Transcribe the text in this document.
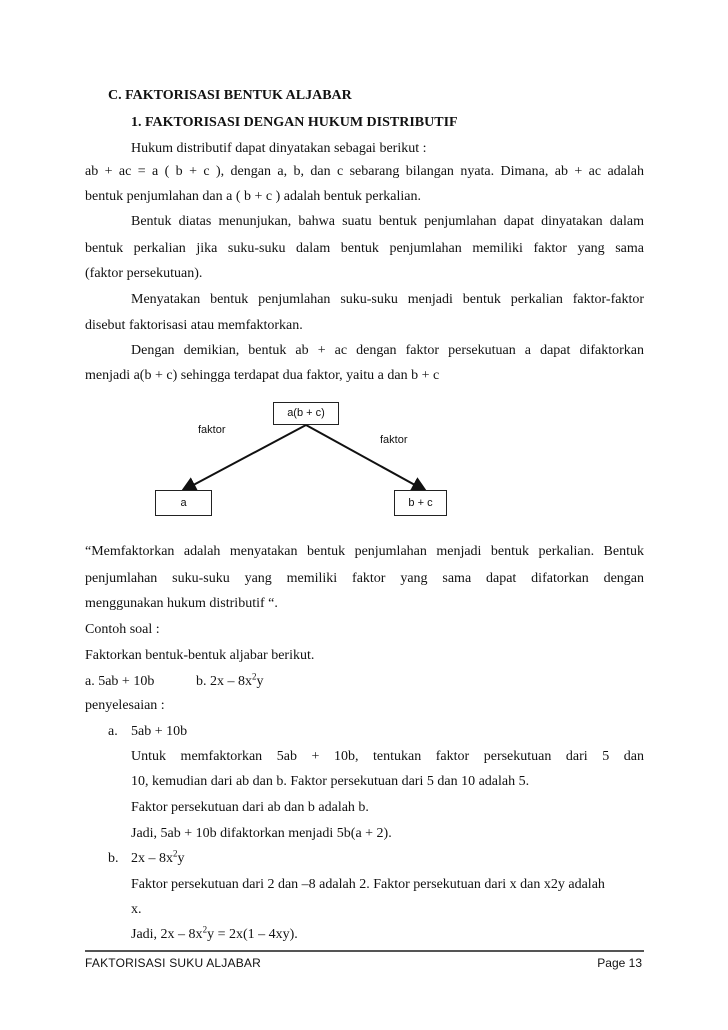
C. FAKTORISASI BENTUK ALJABAR
1. FAKTORISASI DENGAN HUKUM DISTRIBUTIF
Hukum distributif dapat dinyatakan sebagai berikut :
ab + ac = a ( b + c ), dengan a, b, dan c sebarang bilangan nyata. Dimana, ab + ac adalah
bentuk penjumlahan dan a ( b + c ) adalah bentuk perkalian.
Bentuk diatas menunjukan, bahwa suatu bentuk penjumlahan dapat dinyatakan dalam
bentuk perkalian jika suku-suku dalam bentuk penjumlahan memiliki faktor yang sama
(faktor persekutuan).
Menyatakan bentuk penjumlahan suku-suku menjadi bentuk perkalian faktor-faktor
disebut faktorisasi atau memfaktorkan.
Dengan demikian, bentuk ab + ac dengan faktor persekutuan a dapat difaktorkan
menjadi a(b + c) sehingga terdapat dua faktor, yaitu a dan b + c
a(b + c)
faktor
faktor
a	b + c
“Memfaktorkan adalah menyatakan bentuk penjumlahan menjadi bentuk perkalian. Bentuk
penjumlahan suku-suku yang memiliki faktor yang sama dapat difatorkan dengan
menggunakan hukum distributif “.
Contoh soal :
Faktorkan bentuk-bentuk aljabar berikut.
a. 5ab + 10b	b. $2x - 8x^2y$
penyelesaian :
a. 5ab + 10b
Untuk memfaktorkan 5ab + 10b, tentukan faktor persekutuan dari 5 dan
10, kemudian dari ab dan b. Faktor persekutuan dari 5 dan 10 adalah 5.
Faktor persekutuan dari ab dan b adalah b.
Jadi, 5ab + 10b difaktorkan menjadi 5b(a + 2).
b. $2x - 8x^2y$
Faktor persekutuan dari 2 dan –8 adalah 2. Faktor persekutuan dari x dan x2y adalah
x.
Jadi, $2x - 8x^2y = 2x(1 - 4xy)$.
FAKTORISASI SUKU ALJABAR	Page 13
